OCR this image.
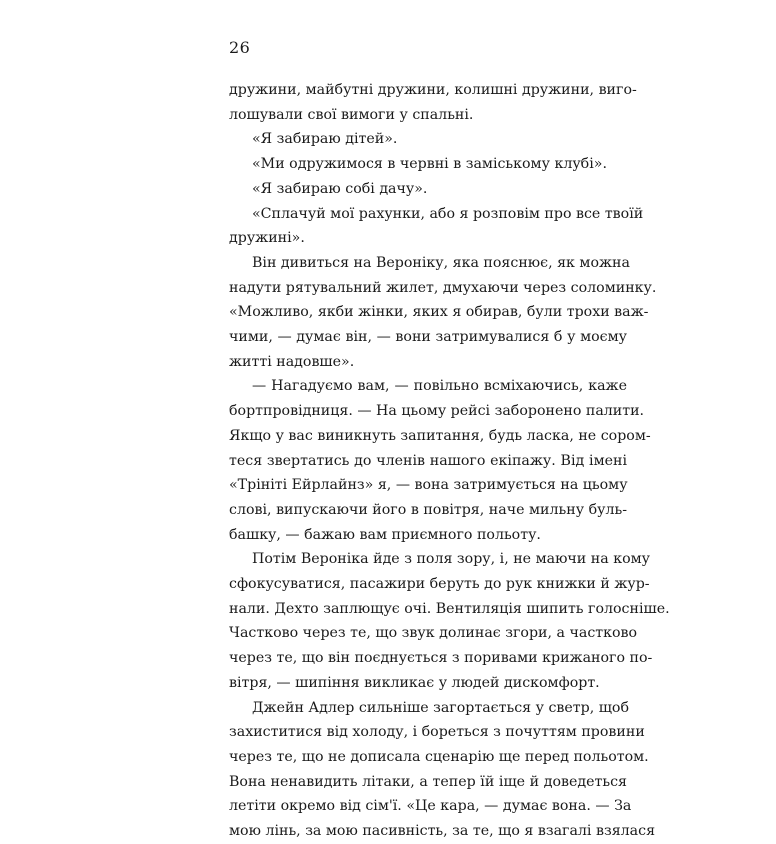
26
дружини, майбутні дружини, колишні дружини, виго-
лошували свої вимоги у спальні.
«Я забираю дітей».
«Ми одружимося в червні в заміському клубі».
«Я забираю собі дачу».
«Сплачуй мої рахунки, або я розповім про все твоїй
дружині».
Він дивиться на Вероніку, яка пояснює, як можна
надути рятувальний жилет, дмухаючи через соломинку.
«Можливо, якби жінки, яких я обирав, були трохи важ-
чими, — думає він, — вони затримувалися б у моєму
житті надовше».
— Нагадуємо вам, — повільно всміхаючись, каже
бортпровідниця. — На цьому рейсі заборонено палити.
Якщо у вас виникнуть запитання, будь ласка, не сором-
теся звертатись до членів нашого екіпажу. Від імені
«Трініті Ейрлайнз» я, — вона затримується на цьому
слові, випускаючи його в повітря, наче мильну буль-
башку, — бажаю вам приємного польоту.
Потім Вероніка йде з поля зору, і, не маючи на кому
сфокусуватися, пасажири беруть до рук книжки й жур-
нали. Дехто заплющує очі. Вентиляція шипить голосніше.
Частково через те, що звук долинає згори, а частково
через те, що він поєднується з поривами крижаного по-
вітря, — шипіння викликає у людей дискомфорт.
Джейн Адлер сильніше загортається у светр, щоб
захиститися від холоду, і бореться з почуттям провини
через те, що не дописала сценарію ще перед польотом.
Вона ненавидить літаки, а тепер їй іще й доведеться
летіти окремо від сім'ї. «Це кара, — думає вона. — За
мою лінь, за мою пасивність, за те, що я взагалі взялася
